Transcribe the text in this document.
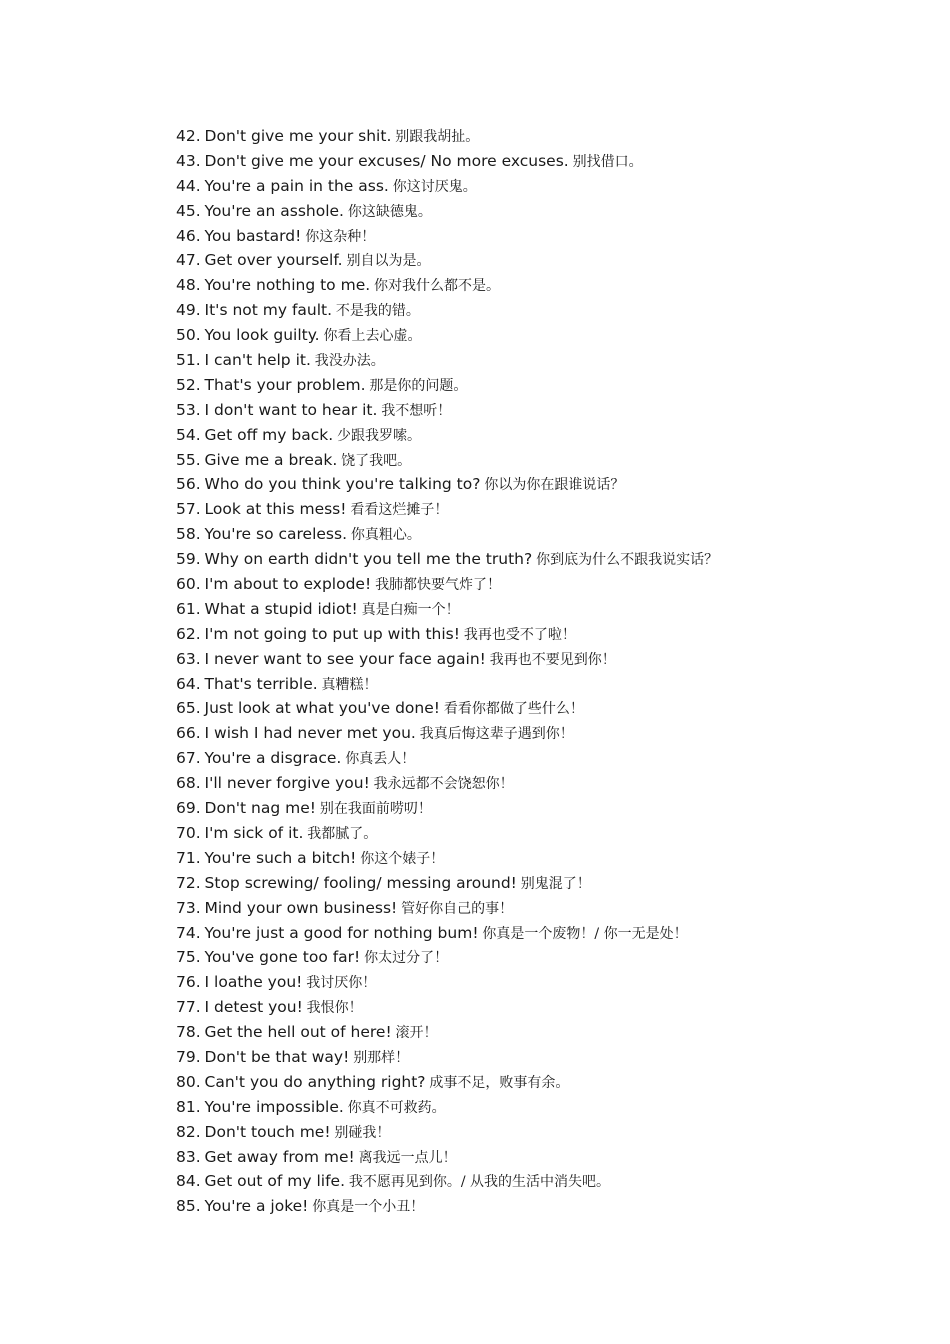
42. Don't give me your shit. 别跟我胡扯。
43. Don't give me your excuses/ No more excuses. 别找借口。
44. You're a pain in the ass. 你这讨厌鬼。
45. You're an asshole. 你这缺德鬼。
46. You bastard! 你这杂种！
47. Get over yourself. 别自以为是。
48. You're nothing to me. 你对我什么都不是。
49. It's not my fault. 不是我的错。
50. You look guilty. 你看上去心虚。
51. I can't help it. 我没办法。
52. That's your problem. 那是你的问题。
53. I don't want to hear it. 我不想听！
54. Get off my back. 少跟我罗嗦。
55. Give me a break. 饶了我吧。
56. Who do you think you're talking to? 你以为你在跟谁说话？
57. Look at this mess! 看看这烂摊子！
58. You're so careless. 你真粗心。
59. Why on earth didn't you tell me the truth? 你到底为什么不跟我说实话？
60. I'm about to explode! 我肺都快要气炸了！
61. What a stupid idiot! 真是白痴一个！
62. I'm not going to put up with this! 我再也受不了啦！
63. I never want to see your face again! 我再也不要见到你！
64. That's terrible. 真糟糕！
65. Just look at what you've done! 看看你都做了些什么！
66. I wish I had never met you. 我真后悔这辈子遇到你！
67. You're a disgrace. 你真丢人！
68. I'll never forgive you! 我永远都不会饶恕你！
69. Don't nag me! 别在我面前唠叨！
70. I'm sick of it. 我都腻了。
71. You're such a bitch! 你这个婊子！
72. Stop screwing/ fooling/ messing around! 别鬼混了！
73. Mind your own business! 管好你自己的事！
74. You're just a good for nothing bum! 你真是一个废物！/ 你一无是处！
75. You've gone too far! 你太过分了！
76. I loathe you! 我讨厌你！
77. I detest you! 我恨你！
78. Get the hell out of here! 滚开！
79. Don't be that way! 别那样！
80. Can't you do anything right? 成事不足，败事有余。
81. You're impossible. 你真不可救药。
82. Don't touch me! 别碰我！
83. Get away from me! 离我远一点儿！
84. Get out of my life. 我不愿再见到你。/ 从我的生活中消失吧。
85. You're a joke! 你真是一个小丑！
